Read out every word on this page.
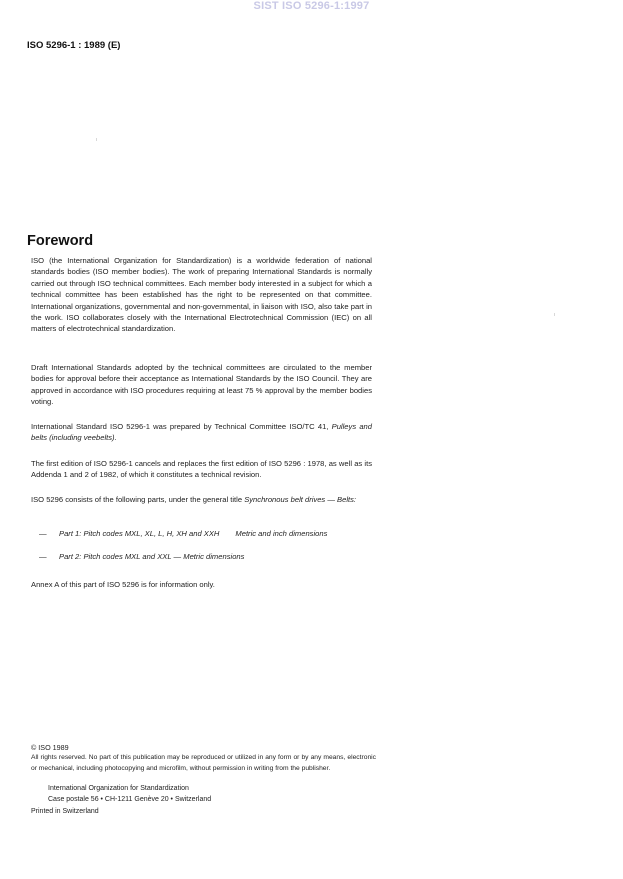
SIST ISO 5296-1:1997
ISO 5296-1 : 1989 (E)
Foreword
ISO (the International Organization for Standardization) is a worldwide federation of national standards bodies (ISO member bodies). The work of preparing International Standards is normally carried out through ISO technical committees. Each member body interested in a subject for which a technical committee has been established has the right to be represented on that committee. International organizations, governmental and non-governmental, in liaison with ISO, also take part in the work. ISO collaborates closely with the International Electrotechnical Commission (IEC) on all matters of electrotechnical standardization.
Draft International Standards adopted by the technical committees are circulated to the member bodies for approval before their acceptance as International Standards by the ISO Council. They are approved in accordance with ISO procedures requiring at least 75 % approval by the member bodies voting.
International Standard ISO 5296-1 was prepared by Technical Committee ISO/TC 41, Pulleys and belts (including veebelts).
The first edition of ISO 5296-1 cancels and replaces the first edition of ISO 5296 : 1978, as well as its Addenda 1 and 2 of 1982, of which it constitutes a technical revision.
ISO 5296 consists of the following parts, under the general title Synchronous belt drives — Belts:
— Part 1: Pitch codes MXL, XL, L, H, XH and XXH Metric and inch dimensions
— Part 2: Pitch codes MXL and XXL — Metric dimensions
Annex A of this part of ISO 5296 is for information only.
© ISO 1989
All rights reserved. No part of this publication may be reproduced or utilized in any form or by any means, electronic or mechanical, including photocopying and microfilm, without permission in writing from the publisher.
International Organization for Standardization
Case postale 56 • CH-1211 Genève 20 • Switzerland
Printed in Switzerland
